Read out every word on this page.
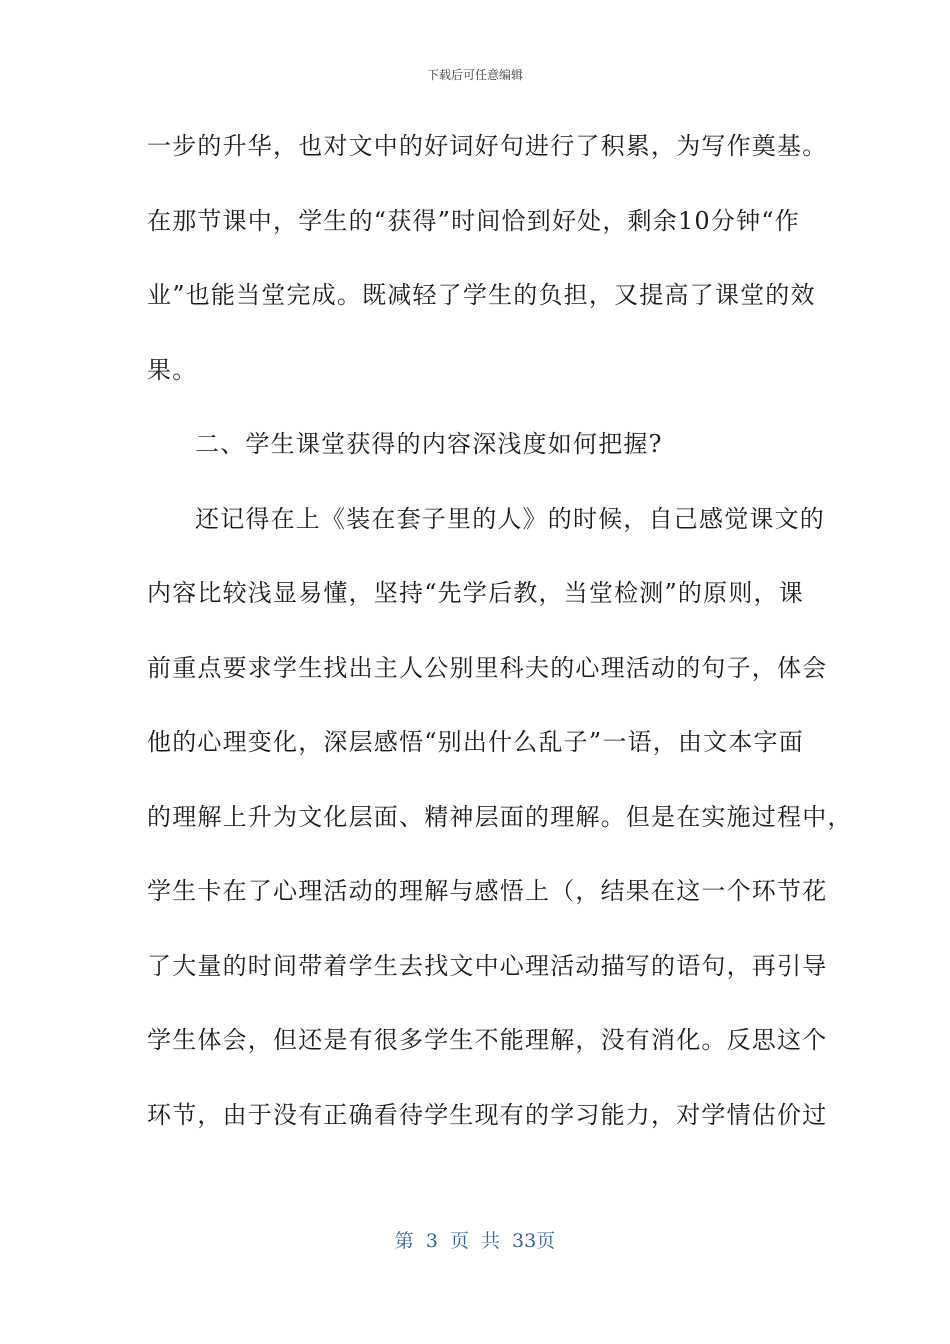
下载后可任意编辑
一步的升华，也对文中的好词好句进行了积累，为写作奠基。
在那节课中，学生的“获得”时间恰到好处，剩余10分钟“作
业”也能当堂完成。既减轻了学生的负担，又提高了课堂的效
果。
二、学生课堂获得的内容深浅度如何把握?
还记得在上《装在套子里的人》的时候，自己感觉课文的
内容比较浅显易懂，坚持“先学后教，当堂检测”的原则，课
前重点要求学生找出主人公别里科夫的心理活动的句子，体会
他的心理变化，深层感悟“别出什么乱子”一语，由文本字面
的理解上升为文化层面、精神层面的理解。但是在实施过程中，
学生卡在了心理活动的理解与感悟上（，结果在这一个环节花
了大量的时间带着学生去找文中心理活动描写的语句，再引导
学生体会，但还是有很多学生不能理解，没有消化。反思这个
环节，由于没有正确看待学生现有的学习能力，对学情估价过
第 3 页 共 33页
